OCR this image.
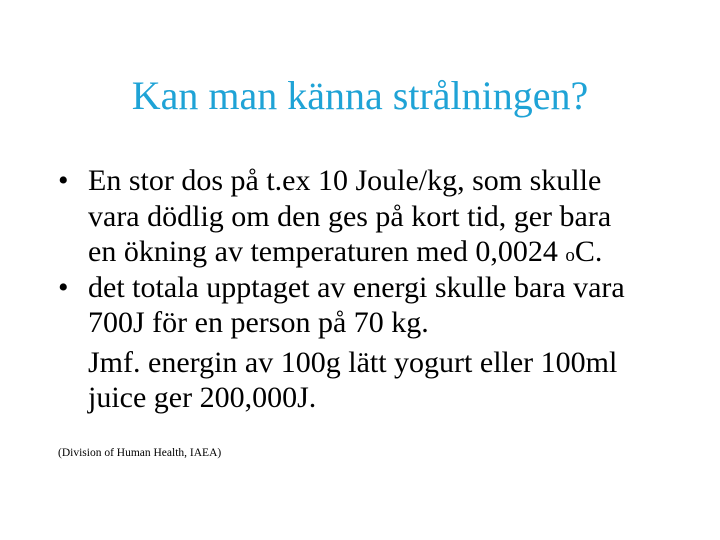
Kan man känna strålningen?
• En stor dos på t.ex 10 Joule/kg, som skulle
vara dödlig om den ges på kort tid, ger bara
en ökning av temperaturen med 0,0024 $^o$C.
• det totala upptaget av energi skulle bara vara
700J för en person på 70 kg.
Jmf. energin av 100g lätt yogurt eller 100ml
juice ger 200,000J.
(Division of Human Health, IAEA)
